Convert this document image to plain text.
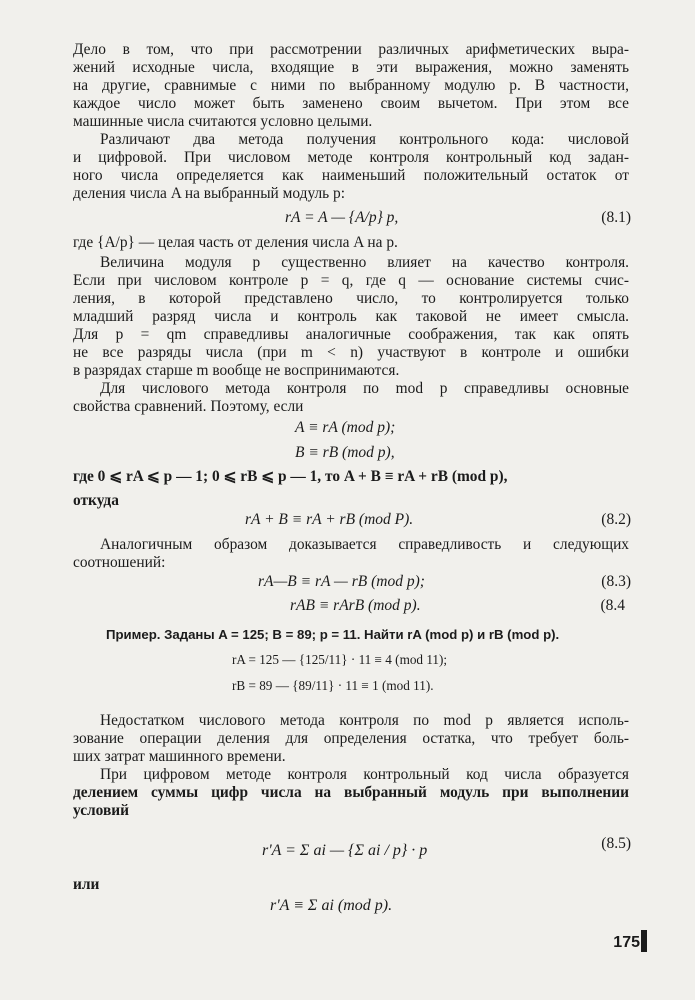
Дело в том, что при рассмотрении различных арифметических выра-
жений исходные числа, входящие в эти выражения, можно заменять
на другие, сравнимые с ними по выбранному модулю p. В частности,
каждое число может быть заменено своим вычетом. При этом все
машинные числа считаются условно целыми.
Различают два метода получения контрольного кода: числовой
и цифровой. При числовом методе контроля контрольный код задан-
ного числа определяется как наименьший положительный остаток от
деления числа A на выбранный модуль p:
rA = A — {A/p} p,	(8.1)
где {A/p} — целая часть от деления числа A на p.
Величина модуля p существенно влияет на качество контроля.
Если при числовом контроле p = q, где q — основание системы счис-
ления, в которой представлено число, то контролируется только
младший разряд числа и контроль как таковой не имеет смысла.
Для p = qm справедливы аналогичные соображения, так как опять
не все разряды числа (при m < n) участвуют в контроле и ошибки
в разрядах старше m вообще не воспринимаются.
Для числового метода контроля по mod p справедливы основные
свойства сравнений. Поэтому, если
A ≡ rA (mod p);
B ≡ rB (mod p),
где 0 ⩽ rA ⩽ p — 1; 0 ⩽ rB ⩽ p — 1, то A + B ≡ rA + rB (mod p),
откуда
rA + B ≡ rA + rB (mod P).	(8.2)
Аналогичным образом доказывается справедливость и следующих
соотношений:
rA—B ≡ rA — rB (mod p);	(8.3)
rAB ≡ rArB (mod p).	(8.4
Пример. Заданы A = 125; B = 89; p = 11. Найти rA (mod p) и rB (mod p).
rA = 125 — {125/11} · 11 ≡ 4 (mod 11);
rB = 89 — {89/11} · 11 ≡ 1 (mod 11).
Недостатком числового метода контроля по mod p является исполь-
зование операции деления для определения остатка, что требует боль-
ших затрат машинного времени.
При цифровом методе контроля контрольный код числа образуется
делением суммы цифр числа на выбранный модуль при выполнении
условий
r'A = Σ ai — {Σ ai / p} · p	(8.5)
или
r'A ≡ Σ ai (mod p).
175
